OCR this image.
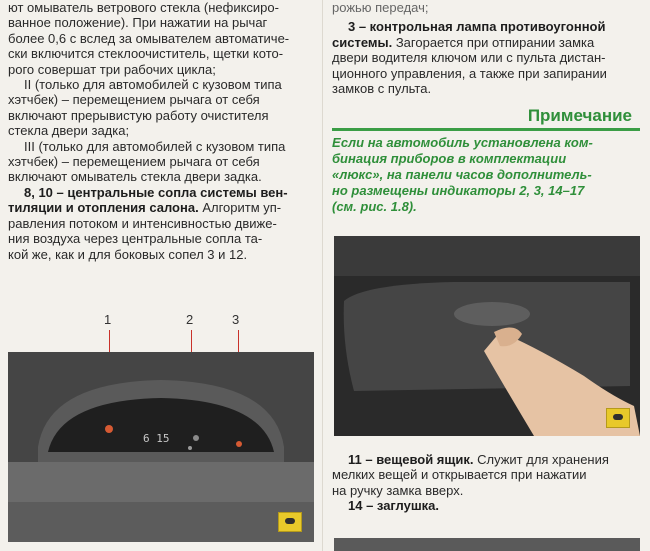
ют омыватель ветрового стекла (нефиксиро-

ванное положение). При нажатии на рычаг

более 0,6 с вслед за омывателем автоматиче-

ски включится стеклоочиститель, щетки кото-

рого совершат три рабочих цикла;

II (только для автомобилей с кузовом типа

хэтчбек) – перемещением рычага от себя

включают прерывистую работу очистителя

стекла двери задка;

III (только для автомобилей с кузовом типа

хэтчбек) – перемещением рычага от себя

включают омыватель стекла двери задка.

8, 10 – центральные сопла системы вен-

тиляции и отопления салона. Алгоритм уп-

равления потоком и интенсивностью движе-

ния воздуха через центральные сопла та-

кой же, как и для боковых сопел 3 и 12.

1	2	3
6 15

рожью передач;

3 – контрольная лампа противоугонной

системы. Загорается при отпирании замка

двери водителя ключом или с пульта дистан-

ционного управления, а также при запирании

замков с пульта.

Примечание

Если на автомобиль установлена ком-

бинация приборов в комплектации

«люкс», на панели часов дополнитель-

но размещены индикаторы 2, 3, 14–17

(см. рис. 1.8).

11 – вещевой ящик. Служит для хранения

мелких вещей и открывается при нажатии

на ручку замка вверх.

14 – заглушка.
